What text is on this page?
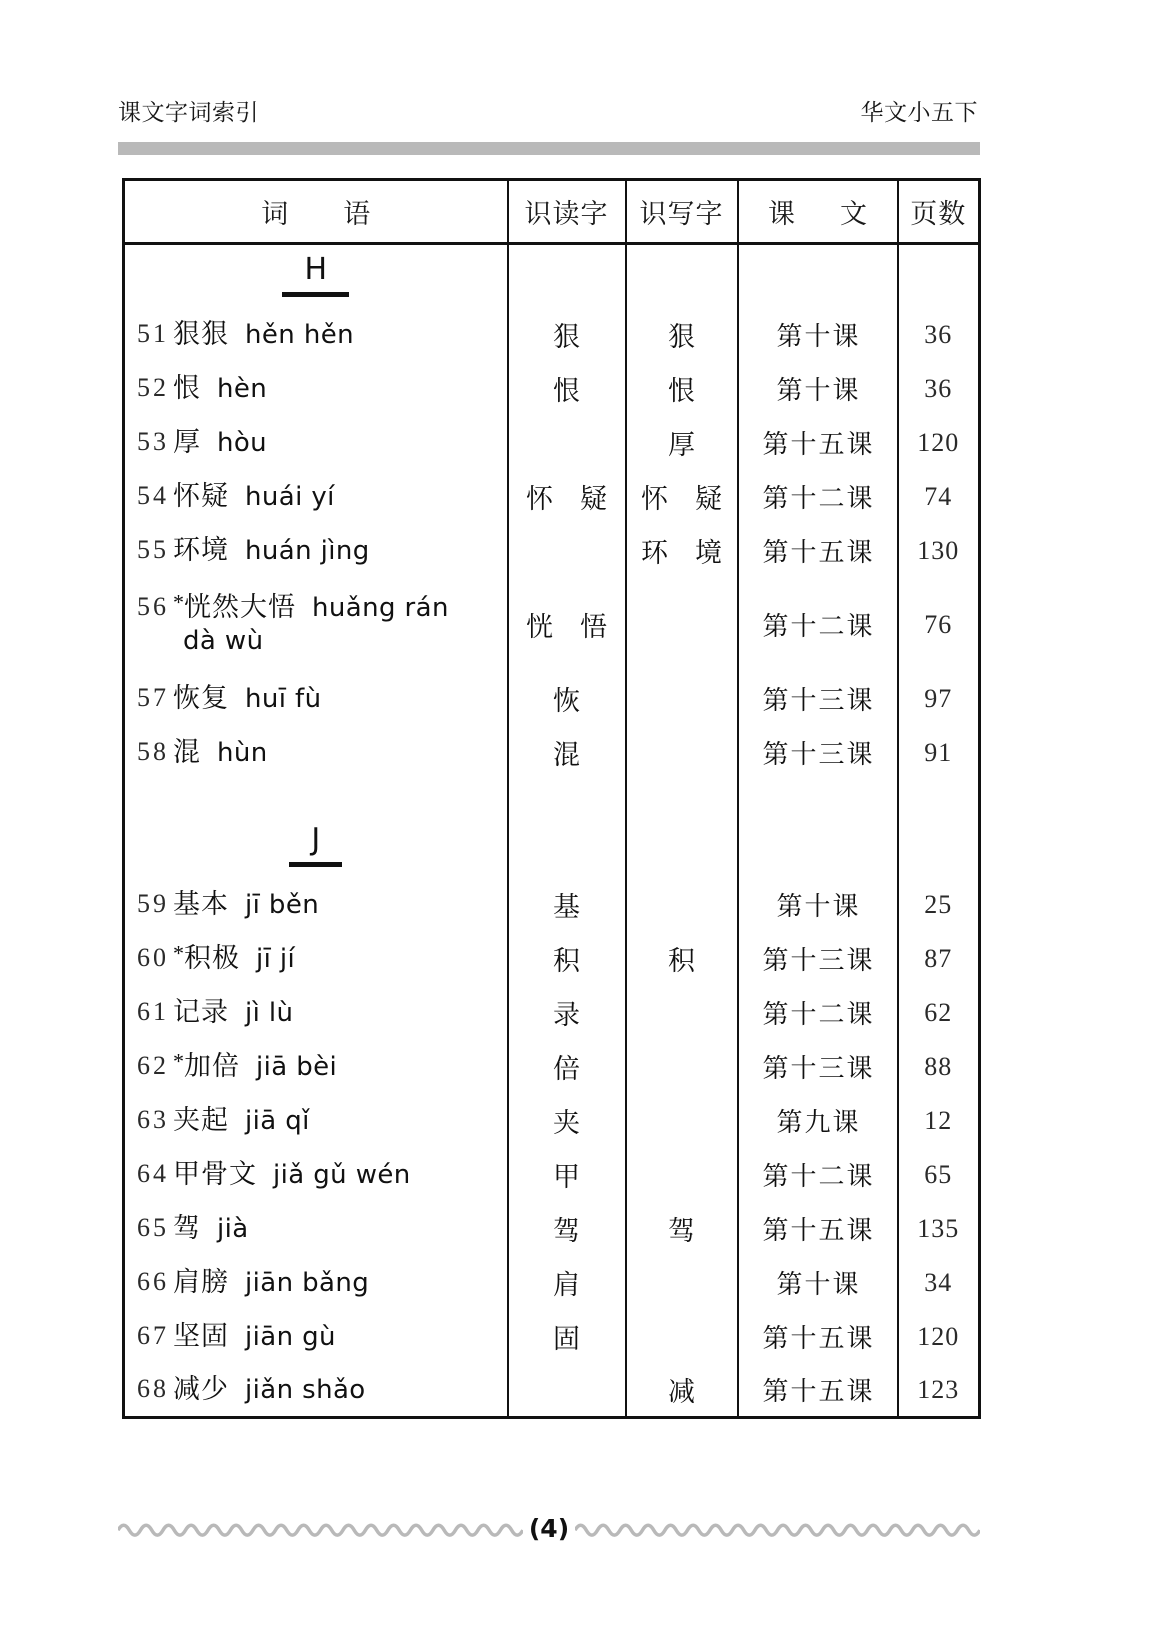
课文字词索引	华文小五下
词　语	识读字	识写字	课　文	页数
H				
51 狠狠   hěn hěn	狠	狠	第十课	36
52 恨   hèn	恨	恨	第十课	36
53 厚   hòu		厚	第十五课	120
54 怀疑   huái yí	怀 疑	怀 疑	第十二课	74
55 环境   huán jìng		环 境	第十五课	130
56 *恍然大悟   huǎng rán
dà wù	恍 悟		第十二课	76
57 恢复   huī fù	恢		第十三课	97
58 混   hùn	混		第十三课	91

J				
59 基本   jī běn	基		第十课	25
60 *积极   jī jí	积	积	第十三课	87
61 记录   jì lù	录		第十二课	62
62 *加倍   jiā bèi	倍		第十三课	88
63 夹起   jiā qǐ	夹		第九课	12
64 甲骨文   jiǎ gǔ wén	甲		第十二课	65
65 驾   jià	驾	驾	第十五课	135
66 肩膀   jiān bǎng	肩		第十课	34
67 坚固   jiān gù	固		第十五课	120
68 减少   jiǎn shǎo		减	第十五课	123
(4)
